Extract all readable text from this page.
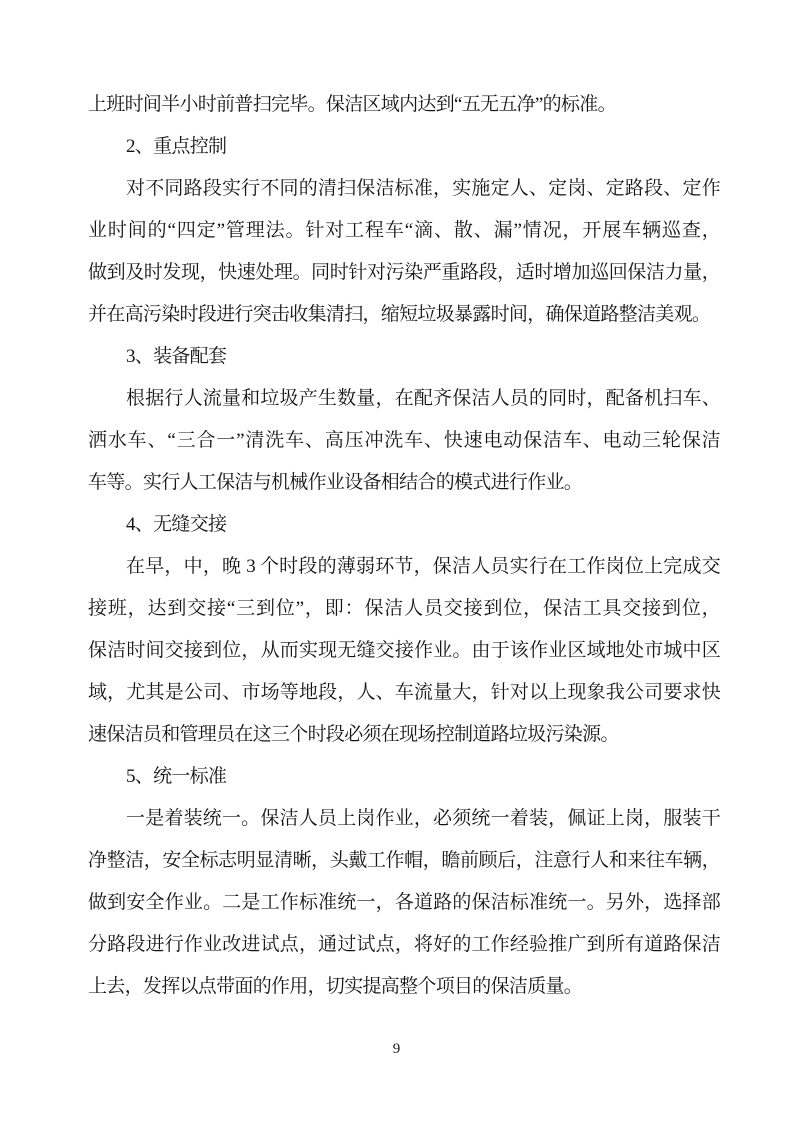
上班时间半小时前普扫完毕。保洁区域内达到“五无五净”的标准。

2、重点控制

对不同路段实行不同的清扫保洁标准，实施定人、定岗、定路段、定作
业时间的“四定”管理法。针对工程车“滴、散、漏”情况，开展车辆巡查，
做到及时发现，快速处理。同时针对污染严重路段，适时增加巡回保洁力量，
并在高污染时段进行突击收集清扫，缩短垃圾暴露时间，确保道路整洁美观。

3、装备配套

根据行人流量和垃圾产生数量，在配齐保洁人员的同时，配备机扫车、
洒水车、“三合一”清洗车、高压冲洗车、快速电动保洁车、电动三轮保洁
车等。实行人工保洁与机械作业设备相结合的模式进行作业。

4、无缝交接

在早，中，晚 3 个时段的薄弱环节，保洁人员实行在工作岗位上完成交
接班，达到交接“三到位”，即：保洁人员交接到位，保洁工具交接到位，
保洁时间交接到位，从而实现无缝交接作业。由于该作业区域地处市城中区
域，尤其是公司、市场等地段，人、车流量大，针对以上现象我公司要求快
速保洁员和管理员在这三个时段必须在现场控制道路垃圾污染源。

5、统一标准

一是着装统一。保洁人员上岗作业，必须统一着装，佩证上岗，服装干
净整洁，安全标志明显清晰，头戴工作帽，瞻前顾后，注意行人和来往车辆，
做到安全作业。二是工作标准统一，各道路的保洁标准统一。另外，选择部
分路段进行作业改进试点，通过试点，将好的工作经验推广到所有道路保洁
上去，发挥以点带面的作用，切实提高整个项目的保洁质量。

9
